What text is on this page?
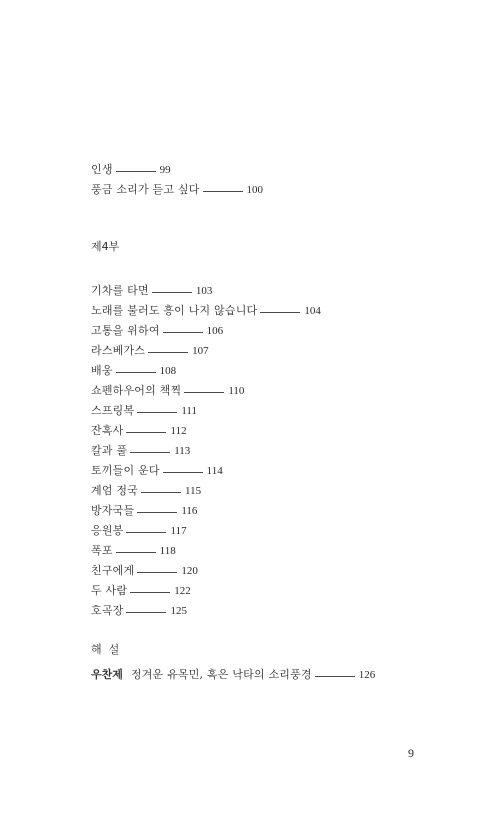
인생	99
풍금 소리가 듣고 싶다	100
제4부
기차를 타면	103
노래를 불러도 흥이 나지 않습니다	104
고통을 위하여	106
라스베가스	107
배웅	108
쇼펜하우어의 책찍	110
스프링복	111
잔혹사	112
칼과 풀	113
토끼들이 운다	114
계엄 정국	115
방자국들	116
응원봉	117
폭포	118
친구에게	120
두 사람	122
호곡장	125
해  설
우찬제 정겨운 유목민, 혹은 낙타의 소리풍경	126
9
